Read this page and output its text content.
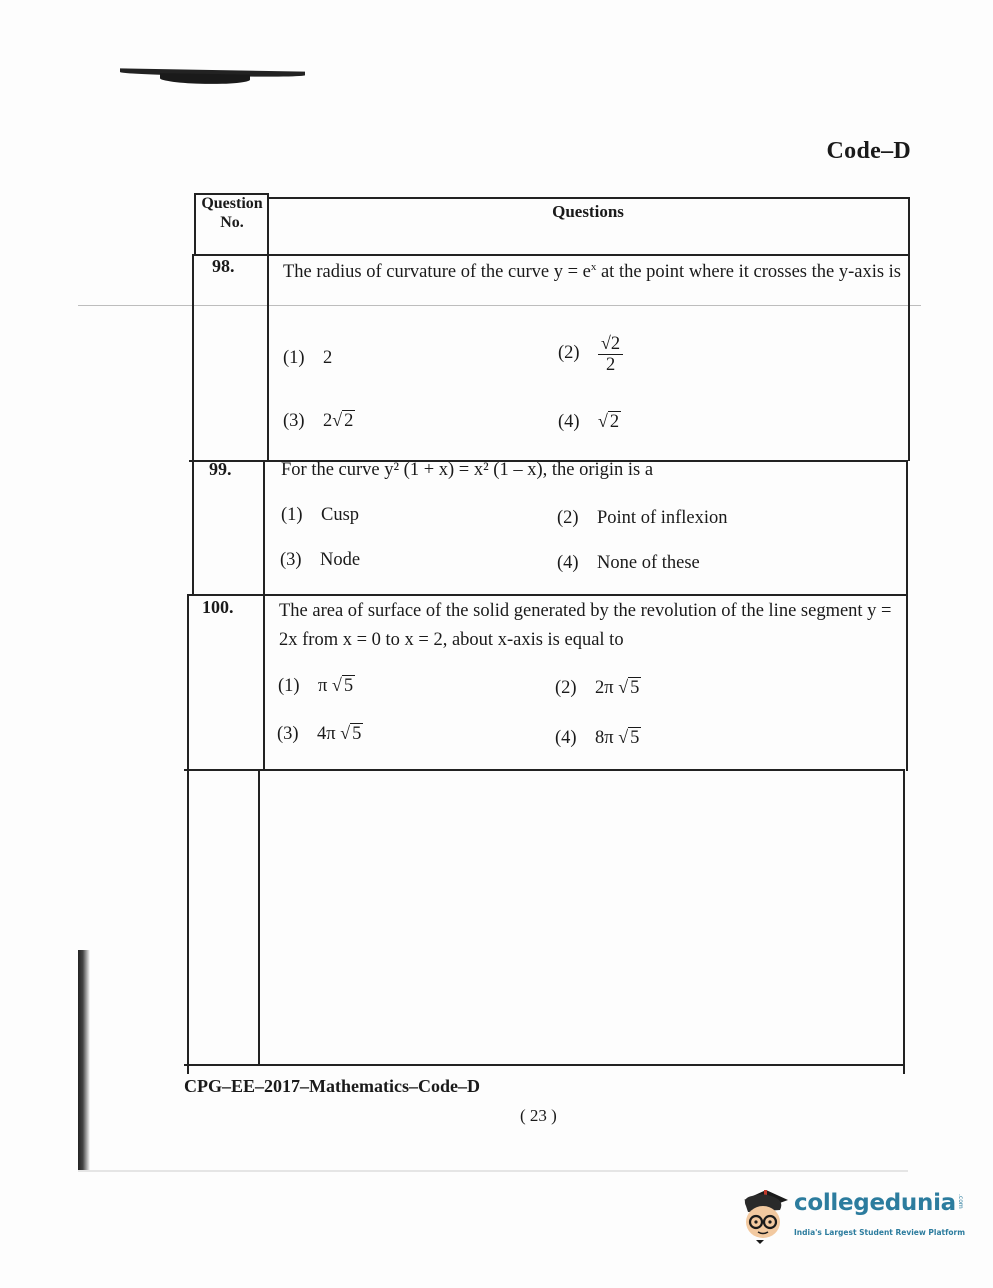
Code–D
Question No.
Questions
98.	The radius of curvature of the curve $y = e^x$ at the point where it crosses the y-axis is
(1) 2	$(2) \frac{√2}{2}$
(3) 2√ 2	(4) √ 2
99.	For the curve y² (1 + x) = x² (1 – x), the origin is a
(1) Cusp	(2) Point of inflexion
(3) Node	(4) None of these
100. The area of surface of the solid generated by the revolution of the line segment y = 2x from x = 0 to x = 2, about x-axis is equal to
(1) π √ 5	(2) 2π √ 5
(3) 4π √ 5	(4) 8π √ 5
CPG–EE–2017–Mathematics–Code–D
( 23 )
collegedunia .com
India's Largest Student Review Platform
